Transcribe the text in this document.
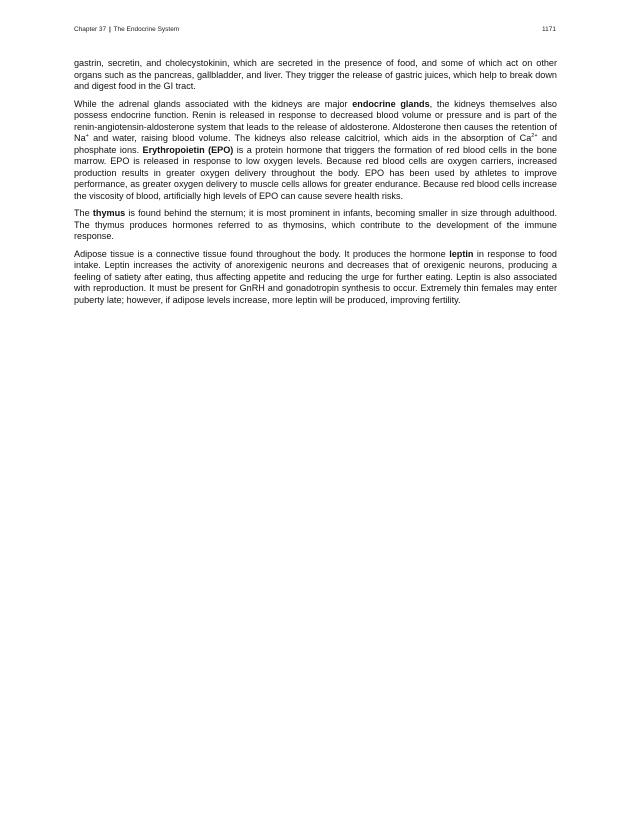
Chapter 37 | The Endocrine System	1171

gastrin, secretin, and cholecystokinin, which are secreted in the presence of food, and some of which act on other organs such as the pancreas, gallbladder, and liver. They trigger the release of gastric juices, which help to break down and digest food in the GI tract.

While the adrenal glands associated with the kidneys are major endocrine glands, the kidneys themselves also possess endocrine function. Renin is released in response to decreased blood volume or pressure and is part of the renin-angiotensin-aldosterone system that leads to the release of aldosterone. Aldosterone then causes the retention of Na+ and water, raising blood volume. The kidneys also release calcitriol, which aids in the absorption of $Ca^{2+}$ and phosphate ions. Erythropoietin (EPO) is a protein hormone that triggers the formation of red blood cells in the bone marrow. EPO is released in response to low oxygen levels. Because red blood cells are oxygen carriers, increased production results in greater oxygen delivery throughout the body. EPO has been used by athletes to improve performance, as greater oxygen delivery to muscle cells allows for greater endurance. Because red blood cells increase the viscosity of blood, artificially high levels of EPO can cause severe health risks.

The thymus is found behind the sternum; it is most prominent in infants, becoming smaller in size through adulthood. The thymus produces hormones referred to as thymosins, which contribute to the development of the immune response.

Adipose tissue is a connective tissue found throughout the body. It produces the hormone leptin in response to food intake. Leptin increases the activity of anorexigenic neurons and decreases that of orexigenic neurons, producing a feeling of satiety after eating, thus affecting appetite and reducing the urge for further eating. Leptin is also associated with reproduction. It must be present for GnRH and gonadotropin synthesis to occur. Extremely thin females may enter puberty late; however, if adipose levels increase, more leptin will be produced, improving fertility.
